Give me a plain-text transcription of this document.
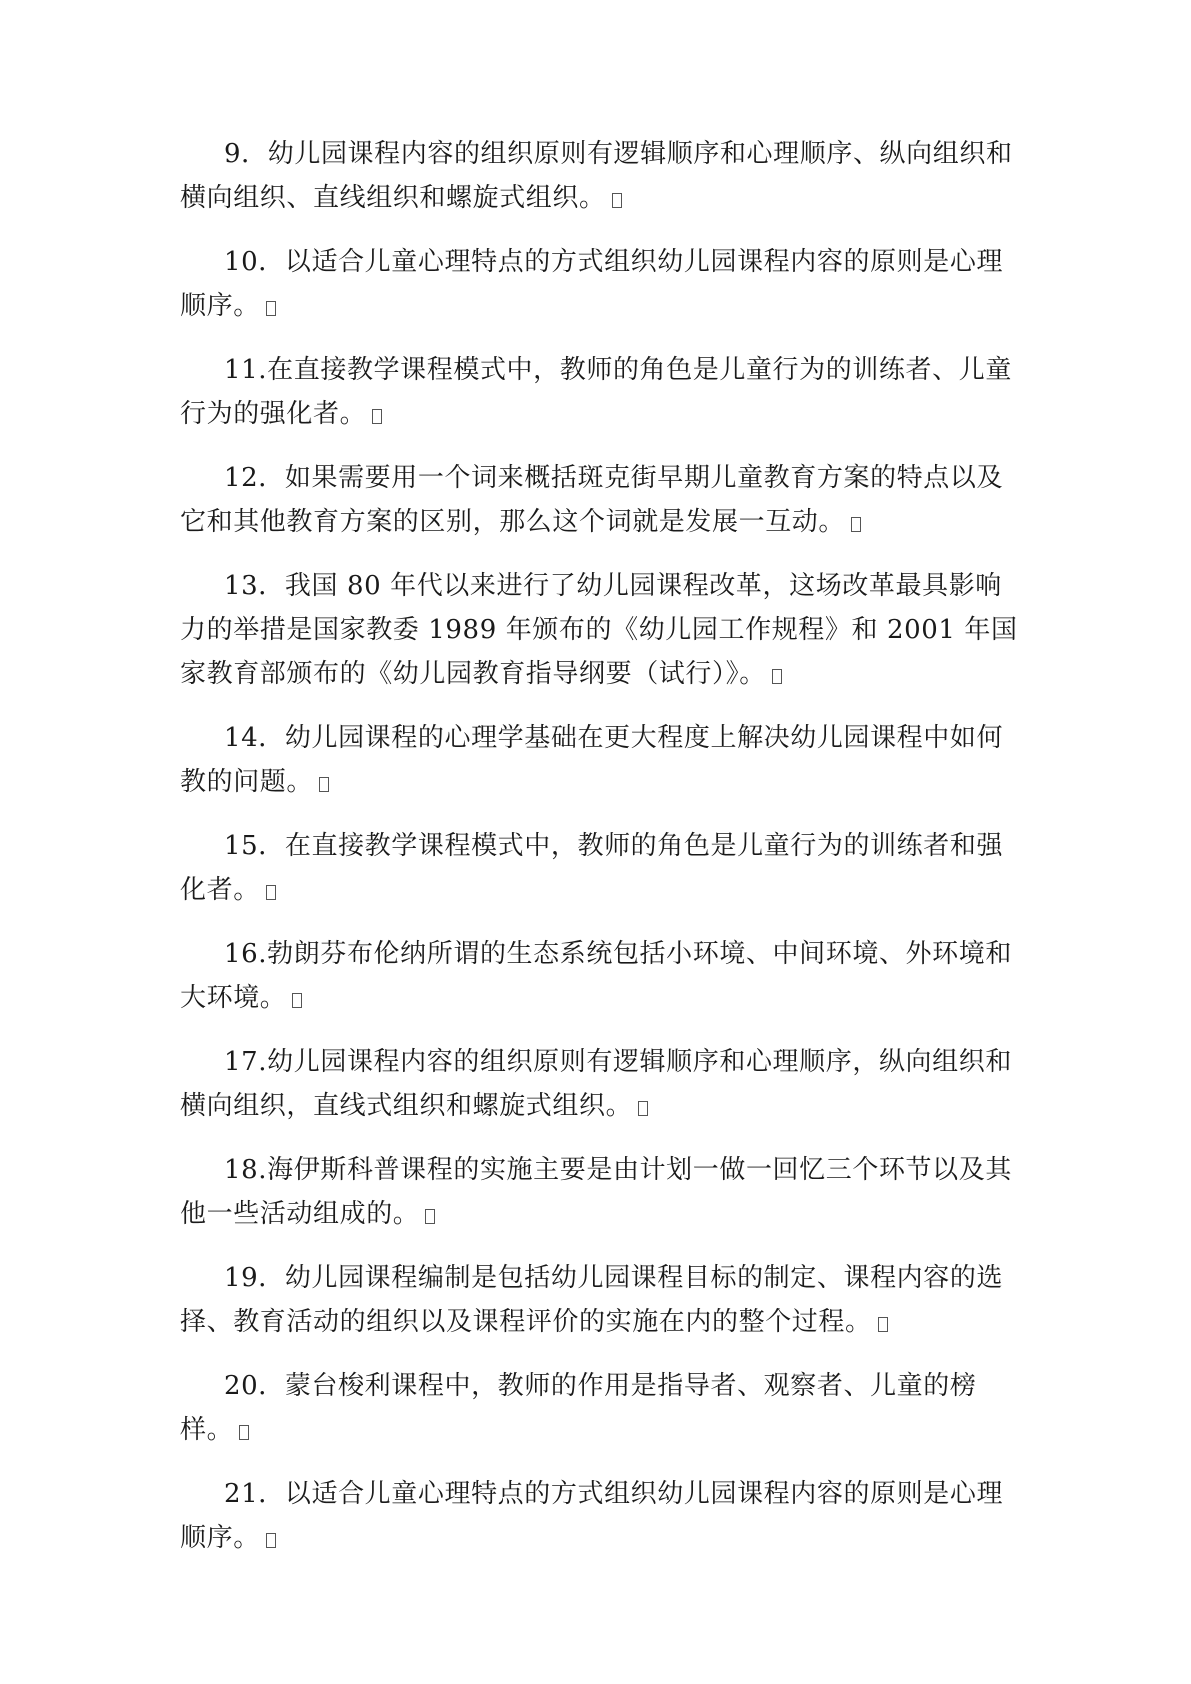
9．幼儿园课程内容的组织原则有逻辑顺序和心理顺序、纵向组织和横向组织、直线组织和螺旋式组织。

10．以适合儿童心理特点的方式组织幼儿园课程内容的原则是心理顺序。

11.在直接教学课程模式中，教师的角色是儿童行为的训练者、儿童行为的强化者。

12．如果需要用一个词来概括斑克街早期儿童教育方案的特点以及它和其他教育方案的区别，那么这个词就是发展一互动。

13．我国 80 年代以来进行了幼儿园课程改革，这场改革最具影响力的举措是国家教委 1989 年颁布的《幼儿园工作规程》和 2001 年国家教育部颁布的《幼儿园教育指导纲要（试行）》。

14．幼儿园课程的心理学基础在更大程度上解决幼儿园课程中如何教的问题。

15．在直接教学课程模式中，教师的角色是儿童行为的训练者和强化者。

16.勃朗芬布伦纳所谓的生态系统包括小环境、中间环境、外环境和大环境。

17.幼儿园课程内容的组织原则有逻辑顺序和心理顺序，纵向组织和横向组织，直线式组织和螺旋式组织。

18.海伊斯科普课程的实施主要是由计划一做一回忆三个环节以及其他一些活动组成的。

19．幼儿园课程编制是包括幼儿园课程目标的制定、课程内容的选择、教育活动的组织以及课程评价的实施在内的整个过程。

20．蒙台梭利课程中，教师的作用是指导者、观察者、儿童的榜样。

21．以适合儿童心理特点的方式组织幼儿园课程内容的原则是心理顺序。
